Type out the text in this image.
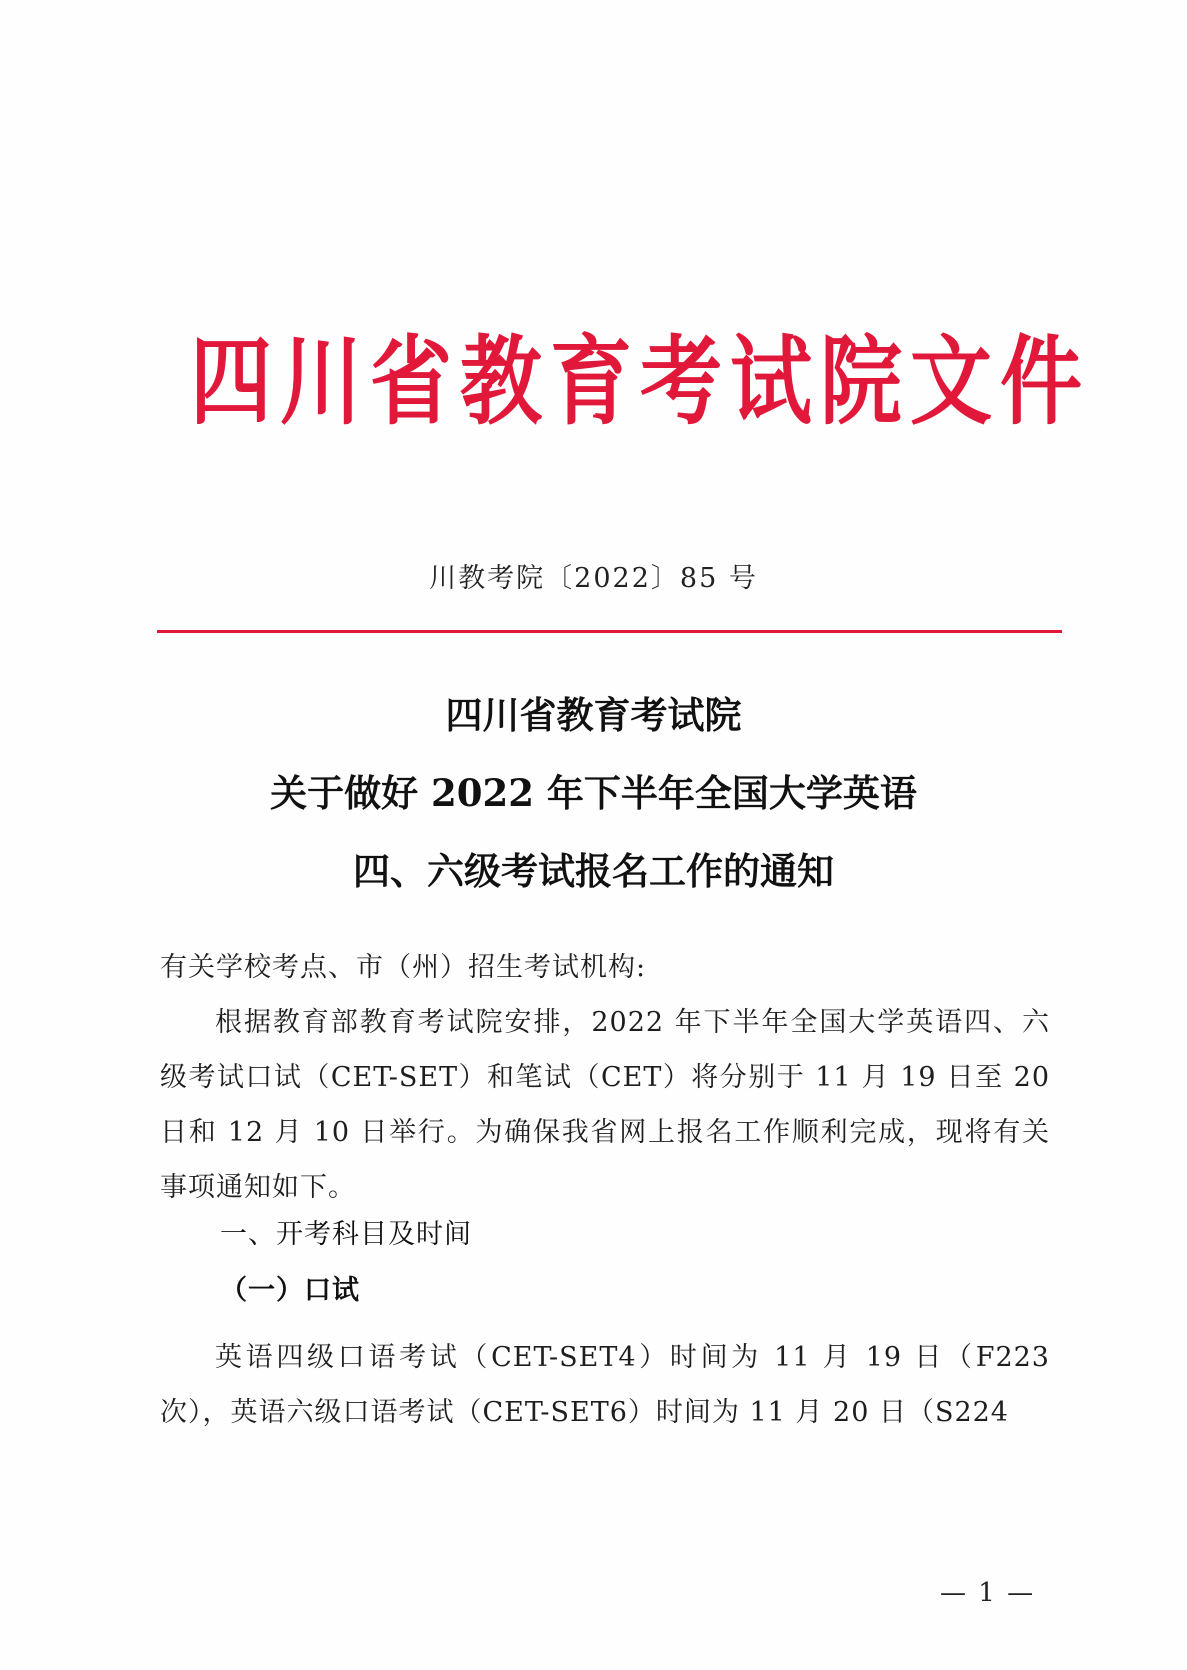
四川省教育考试院文件
川教考院〔2022〕85 号
四川省教育考试院
关于做好 2022 年下半年全国大学英语
四、六级考试报名工作的通知

有关学校考点、市（州）招生考试机构:

根据教育部教育考试院安排，2022 年下半年全国大学英语四、六级考试口试（CET-SET）和笔试（CET）将分别于 11 月 19 日至 20 日和 12 月 10 日举行。为确保我省网上报名工作顺利完成，现将有关事项通知如下。

一、开考科目及时间
（一）口试

英语四级口语考试（CET-SET4）时间为 11 月 19 日（F223 次），英语六级口语考试（CET-SET6）时间为 11 月 20 日（S224

— 1 —
